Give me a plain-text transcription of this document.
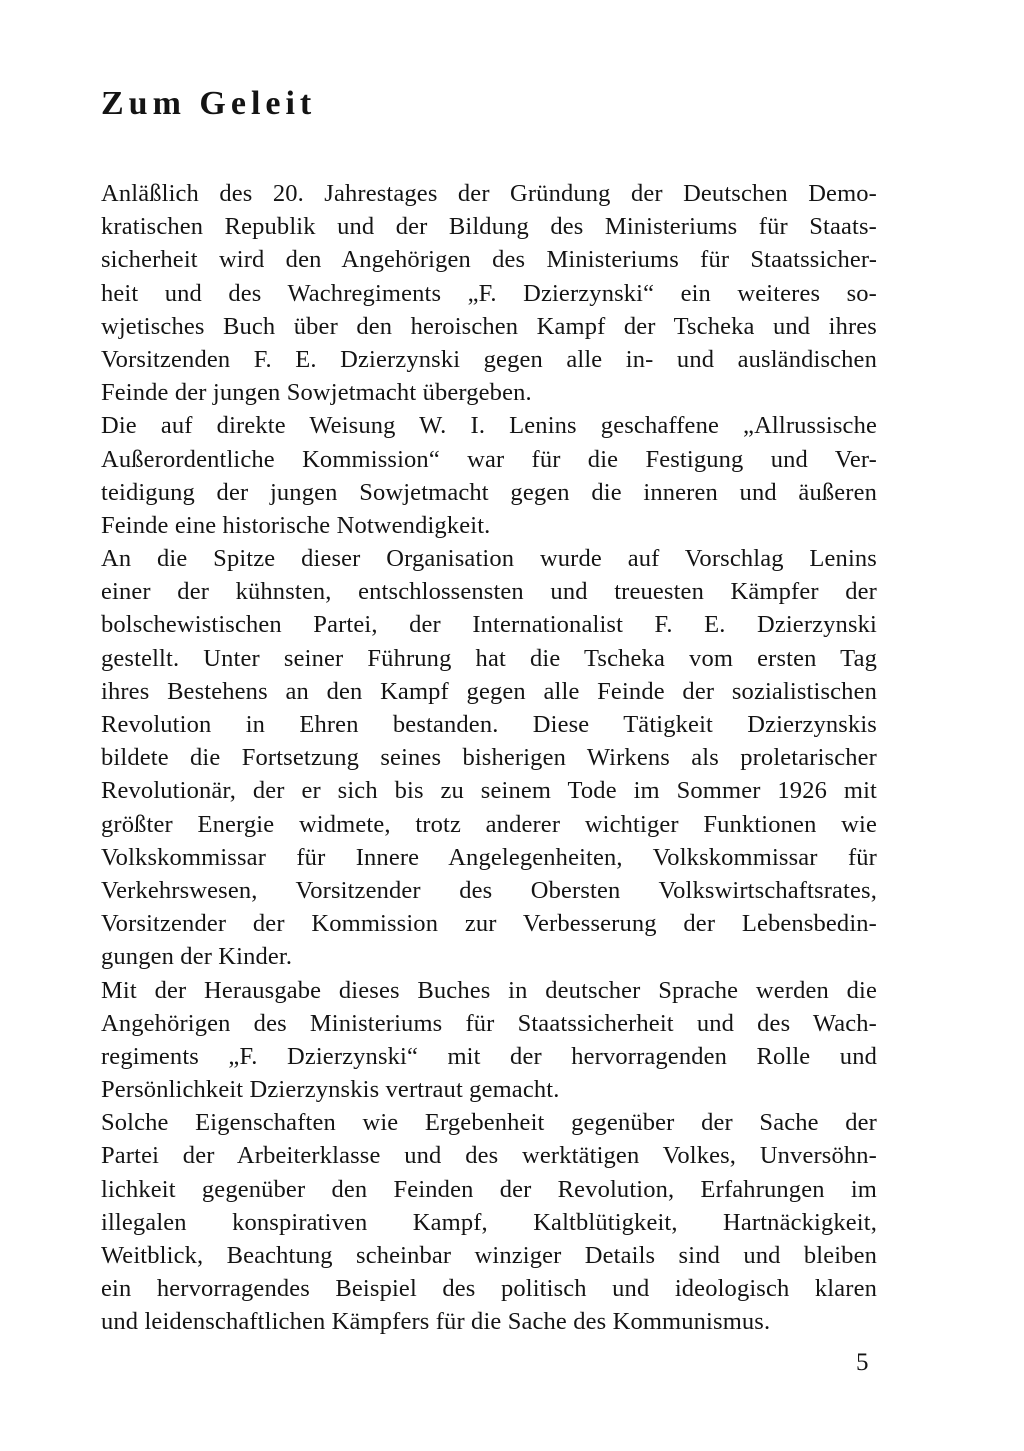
Zum Geleit
Anläßlich des 20. Jahrestages der Gründung der Deutschen Demo-
kratischen Republik und der Bildung des Ministeriums für Staats-
sicherheit wird den Angehörigen des Ministeriums für Staatssicher-
heit und des Wachregiments „F. Dzierzynski“ ein weiteres so-
wjetisches Buch über den heroischen Kampf der Tscheka und ihres
Vorsitzenden F. E. Dzierzynski gegen alle in- und ausländischen
Feinde der jungen Sowjetmacht übergeben.
Die auf direkte Weisung W. I. Lenins geschaffene „Allrussische
Außerordentliche Kommission“ war für die Festigung und Ver-
teidigung der jungen Sowjetmacht gegen die inneren und äußeren
Feinde eine historische Notwendigkeit.
An die Spitze dieser Organisation wurde auf Vorschlag Lenins
einer der kühnsten, entschlossensten und treuesten Kämpfer der
bolschewistischen Partei, der Internationalist F. E. Dzierzynski
gestellt. Unter seiner Führung hat die Tscheka vom ersten Tag
ihres Bestehens an den Kampf gegen alle Feinde der sozialistischen
Revolution in Ehren bestanden. Diese Tätigkeit Dzierzynskis
bildete die Fortsetzung seines bisherigen Wirkens als proletarischer
Revolutionär, der er sich bis zu seinem Tode im Sommer 1926 mit
größter Energie widmete, trotz anderer wichtiger Funktionen wie
Volkskommissar für Innere Angelegenheiten, Volkskommissar für
Verkehrswesen, Vorsitzender des Obersten Volkswirtschaftsrates,
Vorsitzender der Kommission zur Verbesserung der Lebensbedin-
gungen der Kinder.
Mit der Herausgabe dieses Buches in deutscher Sprache werden die
Angehörigen des Ministeriums für Staatssicherheit und des Wach-
regiments „F. Dzierzynski“ mit der hervorragenden Rolle und
Persönlichkeit Dzierzynskis vertraut gemacht.
Solche Eigenschaften wie Ergebenheit gegenüber der Sache der
Partei der Arbeiterklasse und des werktätigen Volkes, Unversöhn-
lichkeit gegenüber den Feinden der Revolution, Erfahrungen im
illegalen konspirativen Kampf, Kaltblütigkeit, Hartnäckigkeit,
Weitblick, Beachtung scheinbar winziger Details sind und bleiben
ein hervorragendes Beispiel des politisch und ideologisch klaren
und leidenschaftlichen Kämpfers für die Sache des Kommunismus.
5
